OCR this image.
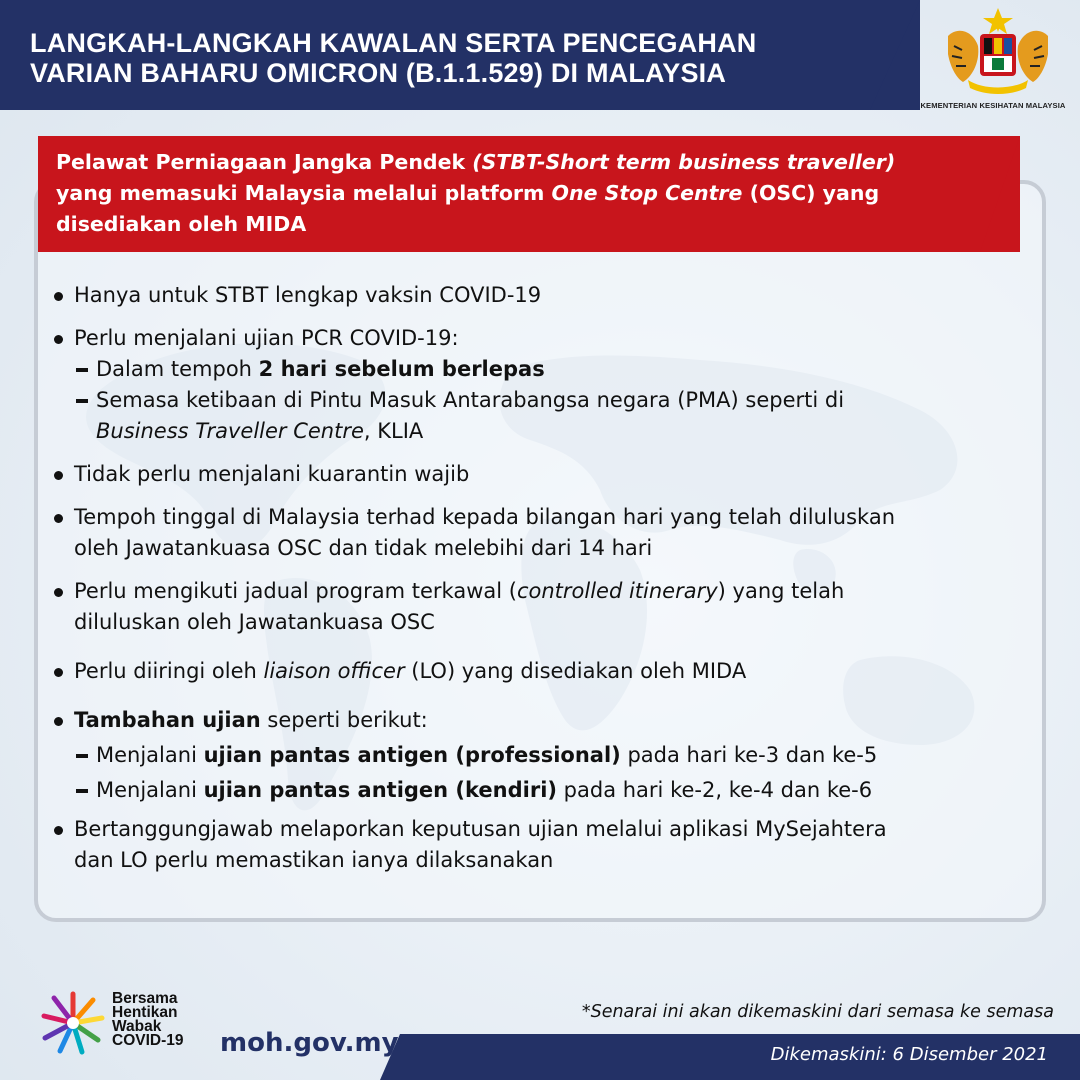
LANGKAH-LANGKAH KAWALAN SERTA PENCEGAHAN
VARIAN BAHARU OMICRON (B.1.1.529) DI MALAYSIA
KEMENTERIAN KESIHATAN MALAYSIA
Pelawat Perniagaan Jangka Pendek (STBT-Short term business traveller)
yang memasuki Malaysia melalui platform One Stop Centre (OSC) yang
disediakan oleh MIDA
Hanya untuk STBT lengkap vaksin COVID-19
Perlu menjalani ujian PCR COVID-19:
Dalam tempoh 2 hari sebelum berlepas
Semasa ketibaan di Pintu Masuk Antarabangsa negara (PMA) seperti di
Business Traveller Centre, KLIA
Tidak perlu menjalani kuarantin wajib
Tempoh tinggal di Malaysia terhad kepada bilangan hari yang telah diluluskan
oleh Jawatankuasa OSC dan tidak melebihi dari 14 hari
Perlu mengikuti jadual program terkawal (controlled itinerary) yang telah
diluluskan oleh Jawatankuasa OSC
Perlu diiringi oleh liaison officer (LO) yang disediakan oleh MIDA
Tambahan ujian seperti berikut:
Menjalani ujian pantas antigen (professional) pada hari ke-3 dan ke-5
Menjalani ujian pantas antigen (kendiri) pada hari ke-2, ke-4 dan ke-6
Bertanggungjawab melaporkan keputusan ujian melalui aplikasi MySejahtera
dan LO perlu memastikan ianya dilaksanakan
*Senarai ini akan dikemaskini dari semasa ke semasa
Dikemaskini: 6 Disember 2021
Bersama
Hentikan
Wabak
COVID-19 moh.gov.my
